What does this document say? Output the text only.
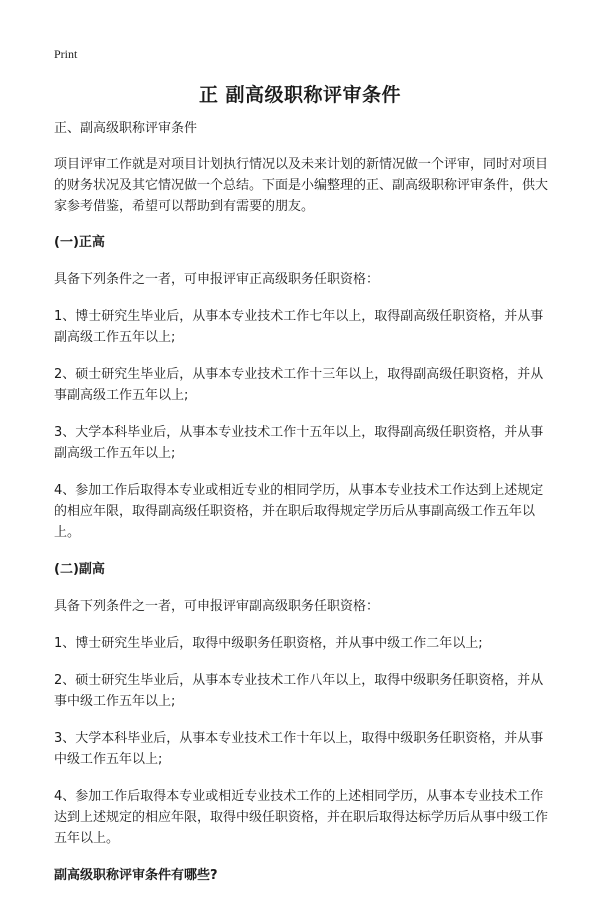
Print
正 副高级职称评审条件

正、副高级职称评审条件

项目评审工作就是对项目计划执行情况以及未来计划的新情况做一个评审，同时对项目的财务状况及其它情况做一个总结。下面是小编整理的正、副高级职称评审条件，供大家参考借鉴，希望可以帮助到有需要的朋友。

(一)正高

具备下列条件之一者，可申报评审正高级职务任职资格：

1、博士研究生毕业后，从事本专业技术工作七年以上，取得副高级任职资格，并从事副高级工作五年以上;

2、硕士研究生毕业后，从事本专业技术工作十三年以上，取得副高级任职资格，并从事副高级工作五年以上;

3、大学本科毕业后，从事本专业技术工作十五年以上，取得副高级任职资格，并从事副高级工作五年以上;

4、参加工作后取得本专业或相近专业的相同学历，从事本专业技术工作达到上述规定的相应年限，取得副高级任职资格，并在职后取得规定学历后从事副高级工作五年以上。

(二)副高

具备下列条件之一者，可申报评审副高级职务任职资格：

1、博士研究生毕业后，取得中级职务任职资格，并从事中级工作二年以上;

2、硕士研究生毕业后，从事本专业技术工作八年以上，取得中级职务任职资格，并从事中级工作五年以上;

3、大学本科毕业后，从事本专业技术工作十年以上，取得中级职务任职资格，并从事中级工作五年以上;

4、参加工作后取得本专业或相近专业技术工作的上述相同学历，从事本专业技术工作达到上述规定的相应年限，取得中级任职资格，并在职后取得达标学历后从事中级工作五年以上。

副高级职称评审条件有哪些?
